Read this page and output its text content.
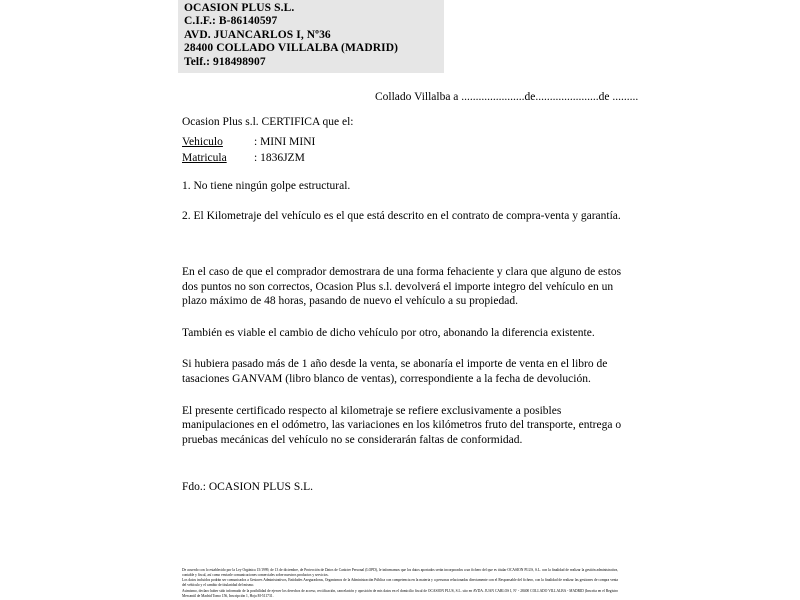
OCASION PLUS S.L.
C.I.F.: B-86140597
AVD. JUANCARLOS I, Nº36
28400 COLLADO VILLALBA (MADRID)
Telf.: 918498907
Collado Villalba a ......................de......................de .........
Ocasion Plus s.l. CERTIFICA que el:
Vehiculo	: MINI MINI
Matricula : 1836JZM

1. No tiene ningún golpe estructural.

2. El Kilometraje del vehículo es el que está descrito en el contrato de compra-venta y garantía.

En el caso de que el comprador demostrara de una forma fehaciente y clara que alguno de estos dos puntos no son correctos, Ocasion Plus s.l. devolverá el importe integro del vehículo en un plazo máximo de 48 horas, pasando de nuevo el vehículo a su propiedad.

También es viable el cambio de dicho vehículo por otro, abonando la diferencia existente.

Si hubiera pasado más de 1 año desde la venta, se abonaría el importe de venta en el libro de tasaciones GANVAM (libro blanco de ventas), correspondiente a la fecha de devolución.

El presente certificado respecto al kilometraje se refiere exclusivamente a posibles manipulaciones en el odómetro, las variaciones en los kilómetros fruto del transporte, entrega o pruebas mecánicas del vehículo no se considerarán faltas de conformidad.

Fdo.: OCASION PLUS S.L.

De acuerdo con lo establecido por la Ley Orgánica 15/1999, de 13 de diciembre, de Protección de Datos de Carácter Personal (LOPD), le informamos que los datos aportados serán incorporados a un fichero del que es titular OCASION PLUS, S.L. con la finalidad de realizar la gestión administrativa, contable y fiscal, así como enviarle comunicaciones comerciales sobre nuestros productos y servicios.

Los datos incluidos podrán ser comunicados a Gestores Administrativos, Entidades Aseguradoras, Organismos de la Administración Pública con competencia en la materia y a personas relacionadas directamente con el Responsable del fichero, con la finalidad de realizar las gestiones de compra venta del vehículo y el cambio de titularidad del mismo.

Asimismo, declaro haber sido informado de la posibilidad de ejercer los derechos de acceso, rectificación, cancelación y oposición de mis datos en el domicilio fiscal de OCASION PLUS, S.L. sito en AVDA. JUAN CARLOS I, Nº - 28400 COLLADO VILLALBA - MADRID (Inscrita en el Registro Mercantil de Madrid Tomo 156, Inscripción 1, Hoja M-511731.
